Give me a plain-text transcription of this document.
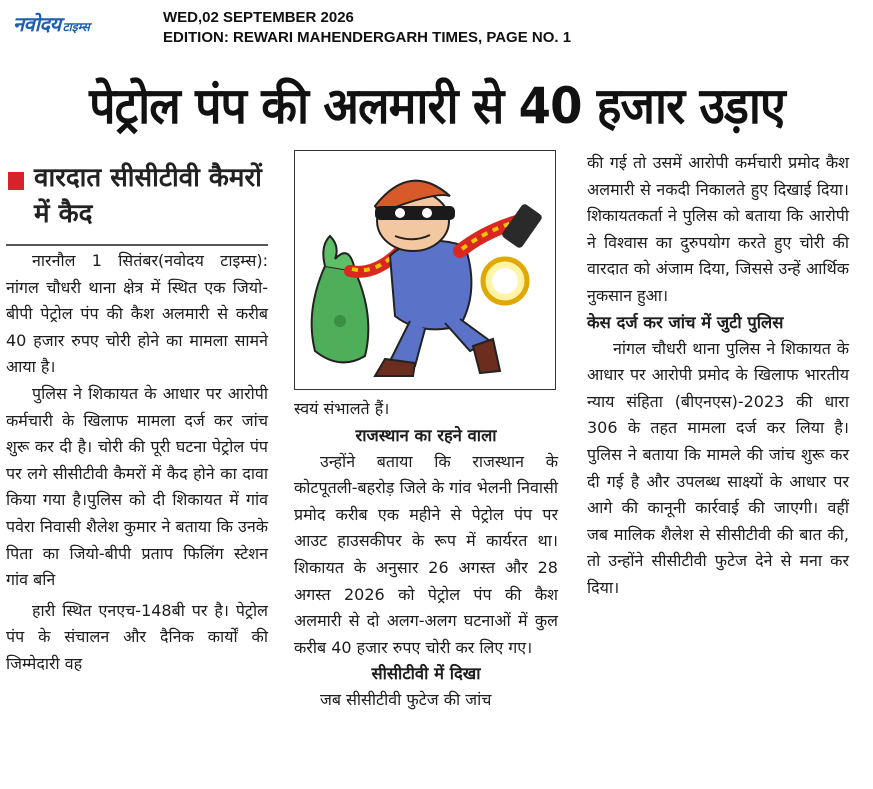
नवोदय टाइम्स
WED,02 SEPTEMBER 2026
EDITION: REWARI MAHENDERGARH TIMES, PAGE NO. 1
पेट्रोल पंप की अलमारी से 40 हजार उड़ाए
वारदात सीसीटीवी कैमरों में कैद

नारनौल 1 सितंबर(नवोदय टाइम्स): नांगल चौधरी थाना क्षेत्र में स्थित एक जियो-बीपी पेट्रोल पंप की कैश अलमारी से करीब 40 हजार रुपए चोरी होने का मामला सामने आया है।

पुलिस ने शिकायत के आधार पर आरोपी कर्मचारी के खिलाफ मामला दर्ज कर जांच शुरू कर दी है। चोरी की पूरी घटना पेट्रोल पंप पर लगे सीसीटीवी कैमरों में कैद होने का दावा किया गया है।पुलिस को दी शिकायत में गांव पवेरा निवासी शैलेश कुमार ने बताया कि उनके पिता का जियो-बीपी प्रताप फिलिंग स्टेशन गांव बनि

हारी स्थित एनएच-148बी पर है। पेट्रोल पंप के संचालन और दैनिक कार्यों की जिम्मेदारी वह

स्वयं संभालते हैं।

राजस्थान का रहने वाला

उन्होंने बताया कि राजस्थान के कोटपूतली-बहरोड़ जिले के गांव भेलनी निवासी प्रमोद करीब एक महीने से पेट्रोल पंप पर आउट हाउसकीपर के रूप में कार्यरत था। शिकायत के अनुसार 26 अगस्त और 28 अगस्त 2026 को पेट्रोल पंप की कैश अलमारी से दो अलग-अलग घटनाओं में कुल करीब 40 हजार रुपए चोरी कर लिए गए।

सीसीटीवी में दिखा

जब सीसीटीवी फुटेज की जांच

की गई तो उसमें आरोपी कर्मचारी प्रमोद कैश अलमारी से नकदी निकालते हुए दिखाई दिया। शिकायतकर्ता ने पुलिस को बताया कि आरोपी ने विश्वास का दुरुपयोग करते हुए चोरी की वारदात को अंजाम दिया, जिससे उन्हें आर्थिक नुकसान हुआ।

केस दर्ज कर जांच में जुटी पुलिस

नांगल चौधरी थाना पुलिस ने शिकायत के आधार पर आरोपी प्रमोद के खिलाफ भारतीय न्याय संहिता (बीएनएस)-2023 की धारा 306 के तहत मामला दर्ज कर लिया है। पुलिस ने बताया कि मामले की जांच शुरू कर दी गई है और उपलब्ध साक्ष्यों के आधार पर आगे की कानूनी कार्रवाई की जाएगी। वहीं जब मालिक शैलेश से सीसीटीवी की बात की, तो उन्होंने सीसीटीवी फुटेज देने से मना कर दिया।
